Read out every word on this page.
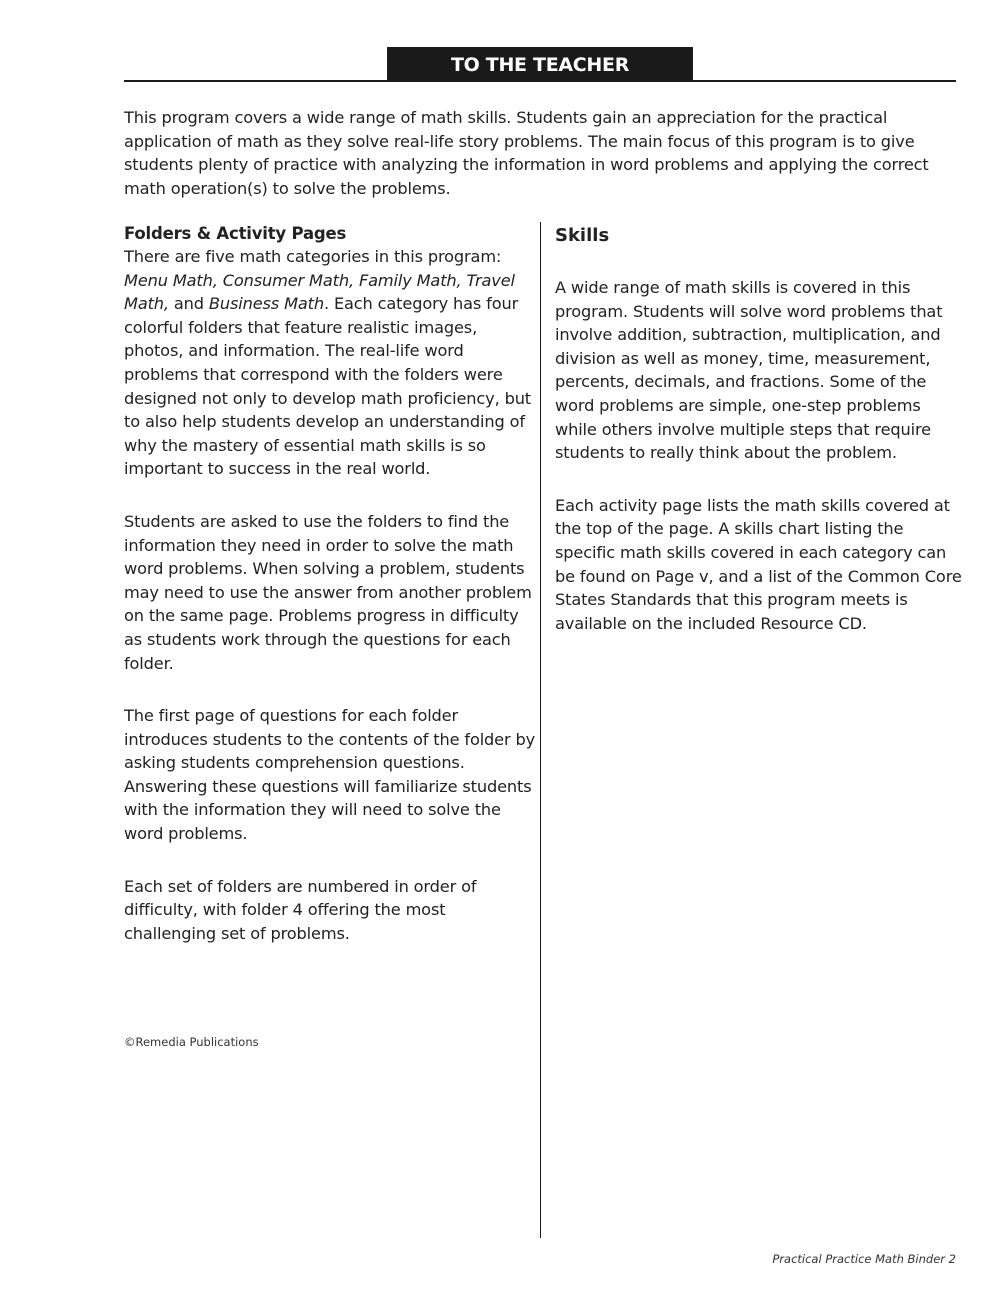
TO THE TEACHER

This program covers a wide range of math skills. Students gain an appreciation for the practical application of math as they solve real-life story problems. The main focus of this program is to give students plenty of practice with analyzing the information in word problems and applying the correct math operation(s) to solve the problems.

Folders & Activity Pages
There are five math categories in this program: Menu Math, Consumer Math, Family Math, Travel Math, and Business Math. Each category has four colorful folders that feature realistic images, photos, and information. The real-life word problems that correspond with the folders were designed not only to develop math proficiency, but to also help students develop an understanding of why the mastery of essential math skills is so important to success in the real world.

Students are asked to use the folders to find the information they need in order to solve the math word problems. When solving a problem, students may need to use the answer from another problem on the same page. Problems progress in difficulty as students work through the questions for each folder.

The first page of questions for each folder introduces students to the contents of the folder by asking students comprehension questions. Answering these questions will familiarize students with the information they will need to solve the word problems.

Each set of folders are numbered in order of difficulty, with folder 4 offering the most challenging set of problems.

Skills

A wide range of math skills is covered in this program. Students will solve word problems that involve addition, subtraction, multiplication, and division as well as money, time, measurement, percents, decimals, and fractions. Some of the word problems are simple, one-step problems while others involve multiple steps that require students to really think about the problem.

Each activity page lists the math skills covered at the top of the page. A skills chart listing the specific math skills covered in each category can be found on Page v, and a list of the Common Core States Standards that this program meets is available on the included Resource CD.

©Remedia Publications
Practical Practice Math Binder 2
